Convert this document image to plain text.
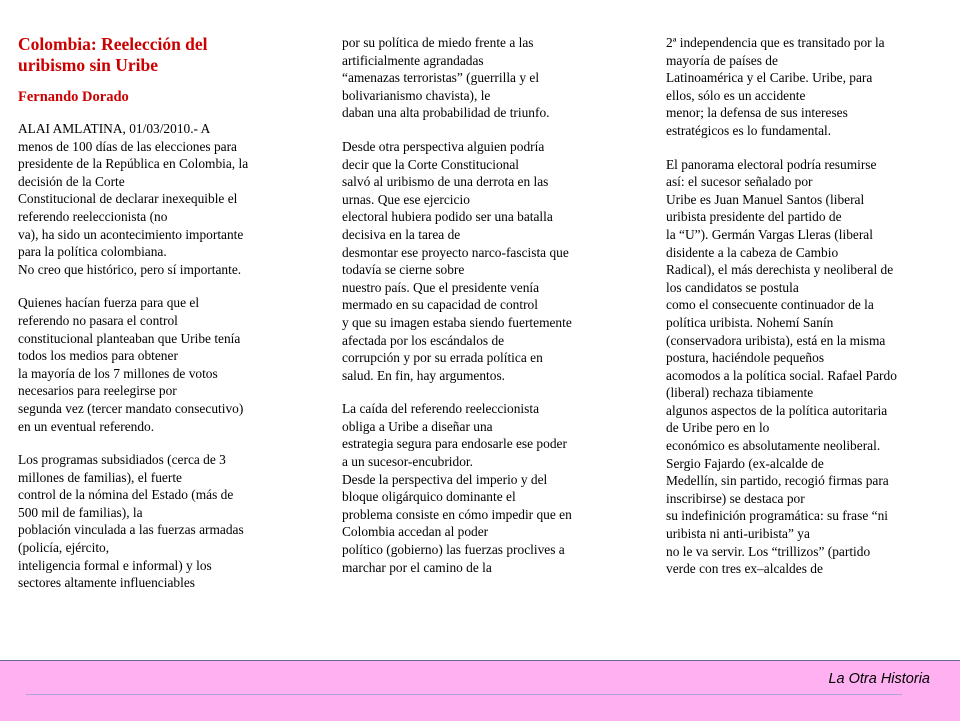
Colombia: Reelección del
uribismo sin Uribe
Fernando Dorado
ALAI AMLATINA, 01/03/2010.- A
menos de 100 días de las elecciones para
presidente de la República en Colombia, la
decisión de la Corte
Constitucional de declarar inexequible el
referendo reeleccionista (no
va), ha sido un acontecimiento importante
para la política colombiana.
No creo que histórico, pero sí importante.
Quienes hacían fuerza para que el
referendo no pasara el control
constitucional planteaban que Uribe tenía
todos los medios para obtener
la mayoría de los 7 millones de votos
necesarios para reelegirse por
segunda vez (tercer mandato consecutivo)
en un eventual referendo.
Los programas subsidiados (cerca de 3
millones de familias), el fuerte
control de la nómina del Estado (más de
500 mil de familias), la
población vinculada a las fuerzas armadas
(policía, ejército,
inteligencia formal e informal) y los
sectores altamente influenciables
por su política de miedo frente a las
artificialmente agrandadas
“amenazas terroristas” (guerrilla y el
bolivarianismo chavista), le
daban una alta probabilidad de triunfo.
Desde otra perspectiva alguien podría
decir que la Corte Constitucional
salvó al uribismo de una derrota en las
urnas. Que ese ejercicio
electoral hubiera podido ser una batalla
decisiva en la tarea de
desmontar ese proyecto narco-fascista que
todavía se cierne sobre
nuestro país. Que el presidente venía
mermado en su capacidad de control
y que su imagen estaba siendo fuertemente
afectada por los escándalos de
corrupción y por su errada política en
salud. En fin, hay argumentos.
La caída del referendo reeleccionista
obliga a Uribe a diseñar una
estrategia segura para endosarle ese poder
a un sucesor-encubridor.
Desde la perspectiva del imperio y del
bloque oligárquico dominante el
problema consiste en cómo impedir que en
Colombia accedan al poder
político (gobierno) las fuerzas proclives a
marchar por el camino de la
2ª independencia que es transitado por la
mayoría de países de
Latinoamérica y el Caribe. Uribe, para
ellos, sólo es un accidente
menor; la defensa de sus intereses
estratégicos es lo fundamental.
El panorama electoral podría resumirse
así: el sucesor señalado por
Uribe es Juan Manuel Santos (liberal
uribista presidente del partido de
la “U”). Germán Vargas Lleras (liberal
disidente a la cabeza de Cambio
Radical), el más derechista y neoliberal de
los candidatos se postula
como el consecuente continuador de la
política uribista. Nohemí Sanín
(conservadora uribista), está en la misma
postura, haciéndole pequeños
acomodos a la política social. Rafael Pardo
(liberal) rechaza tibiamente
algunos aspectos de la política autoritaria
de Uribe pero en lo
económico es absolutamente neoliberal.
Sergio Fajardo (ex-alcalde de
Medellín, sin partido, recogió firmas para
inscribirse) se destaca por
su indefinición programática: su frase “ni
uribista ni anti-uribista” ya
no le va servir. Los “trillizos” (partido
verde con tres ex–alcaldes de
La Otra Historia
